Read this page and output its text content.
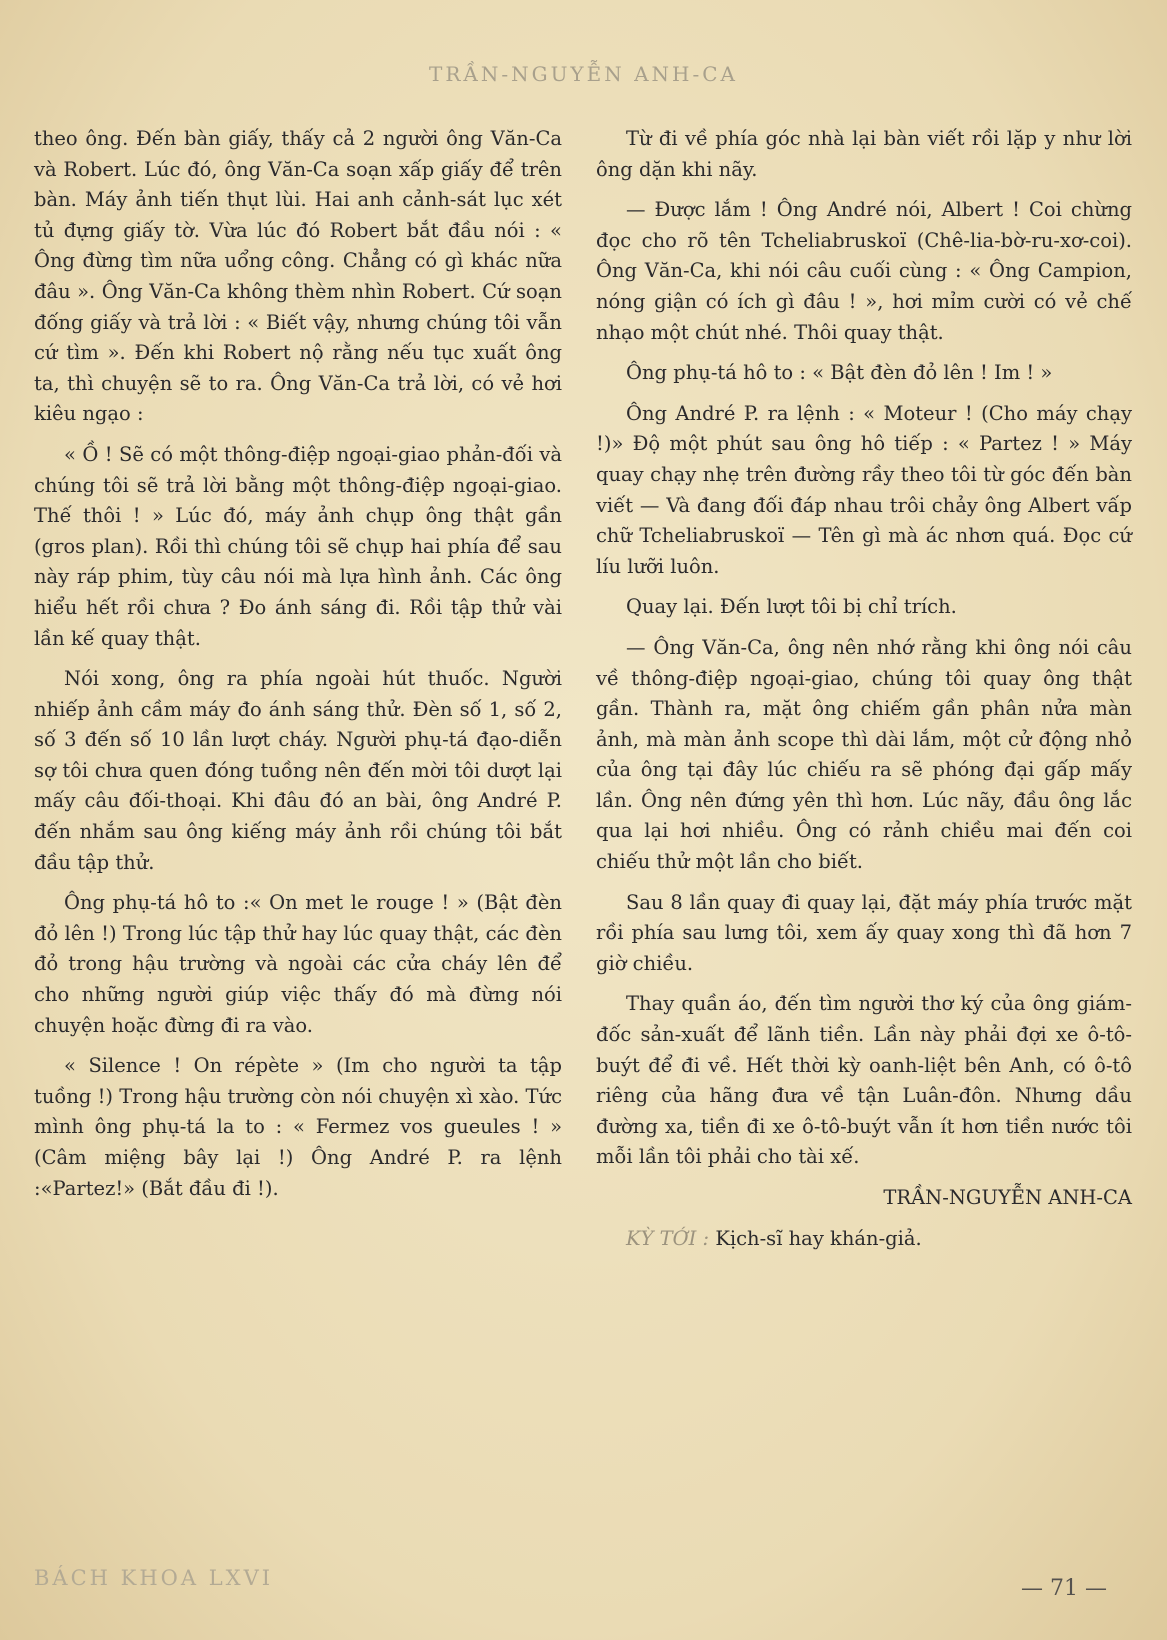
TRẦN-NGUYỄN ANH-CA

theo ông. Đến bàn giấy, thấy cả 2 người ông Văn-Ca và Robert. Lúc đó, ông Văn-Ca soạn xấp giấy để trên bàn. Máy ảnh tiến thụt lùi. Hai anh cảnh-sát lục xét tủ đựng giấy tờ. Vừa lúc đó Robert bắt đầu nói : « Ông đừng tìm nữa uổng công. Chẳng có gì khác nữa đâu ». Ông Văn-Ca không thèm nhìn Robert. Cứ soạn đống giấy và trả lời : « Biết vậy, nhưng chúng tôi vẫn cứ tìm ». Đến khi Robert nộ rằng nếu tục xuất ông ta, thì chuyện sẽ to ra. Ông Văn-Ca trả lời, có vẻ hơi kiêu ngạo :

« Ồ ! Sẽ có một thông-điệp ngoại-giao phản-đối và chúng tôi sẽ trả lời bằng một thông-điệp ngoại-giao. Thế thôi ! » Lúc đó, máy ảnh chụp ông thật gần (gros plan). Rồi thì chúng tôi sẽ chụp hai phía để sau này ráp phim, tùy câu nói mà lựa hình ảnh. Các ông hiểu hết rồi chưa ? Đo ánh sáng đi. Rồi tập thử vài lần kế quay thật.

Nói xong, ông ra phía ngoài hút thuốc. Người nhiếp ảnh cầm máy đo ánh sáng thử. Đèn số 1, số 2, số 3 đến số 10 lần lượt cháy. Người phụ-tá đạo-diễn sợ tôi chưa quen đóng tuồng nên đến mời tôi dượt lại mấy câu đối-thoại. Khi đâu đó an bài, ông André P. đến nhắm sau ông kiếng máy ảnh rồi chúng tôi bắt đầu tập thử.

Ông phụ-tá hô to :« On met le rouge ! » (Bật đèn đỏ lên !) Trong lúc tập thử hay lúc quay thật, các đèn đỏ trong hậu trường và ngoài các cửa cháy lên để cho những người giúp việc thấy đó mà đừng nói chuyện hoặc đừng đi ra vào.

« Silence ! On répète » (Im cho người ta tập tuồng !) Trong hậu trường còn nói chuyện xì xào. Tức mình ông phụ-tá la to : « Fermez vos gueules ! » (Câm miệng bây lại !) Ông André P. ra lệnh :«Partez!» (Bắt đầu đi !).

Từ đi về phía góc nhà lại bàn viết rồi lặp y như lời ông dặn khi nãy.

— Được lắm ! Ông André nói, Albert ! Coi chừng đọc cho rõ tên Tcheliabruskoï (Chê-lia-bờ-ru-xơ-coi). Ông Văn-Ca, khi nói câu cuối cùng : « Ông Campion, nóng giận có ích gì đâu ! », hơi mỉm cười có vẻ chế nhạo một chút nhé. Thôi quay thật.

Ông phụ-tá hô to : « Bật đèn đỏ lên ! Im ! »

Ông André P. ra lệnh : « Moteur ! (Cho máy chạy !)» Độ một phút sau ông hô tiếp : « Partez ! » Máy quay chạy nhẹ trên đường rầy theo tôi từ góc đến bàn viết — Và đang đối đáp nhau trôi chảy ông Albert vấp chữ Tcheliabruskoï — Tên gì mà ác nhơn quá. Đọc cứ líu lưỡi luôn.

Quay lại. Đến lượt tôi bị chỉ trích.

— Ông Văn-Ca, ông nên nhớ rằng khi ông nói câu về thông-điệp ngoại-giao, chúng tôi quay ông thật gần. Thành ra, mặt ông chiếm gần phân nửa màn ảnh, mà màn ảnh scope thì dài lắm, một cử động nhỏ của ông tại đây lúc chiếu ra sẽ phóng đại gấp mấy lần. Ông nên đứng yên thì hơn. Lúc nãy, đầu ông lắc qua lại hơi nhiều. Ông có rảnh chiều mai đến coi chiếu thử một lần cho biết.

Sau 8 lần quay đi quay lại, đặt máy phía trước mặt rồi phía sau lưng tôi, xem ấy quay xong thì đã hơn 7 giờ chiều.

Thay quần áo, đến tìm người thơ ký của ông giám-đốc sản-xuất để lãnh tiền. Lần này phải đợi xe ô-tô-buýt để đi về. Hết thời kỳ oanh-liệt bên Anh, có ô-tô riêng của hãng đưa về tận Luân-đôn. Nhưng dầu đường xa, tiền đi xe ô-tô-buýt vẫn ít hơn tiền nước tôi mỗi lần tôi phải cho tài xế.

TRẦN-NGUYỄN ANH-CA

KỲ TỚI : Kịch-sĩ hay khán-giả.

BÁCH KHOA LXVI	— 71 —
